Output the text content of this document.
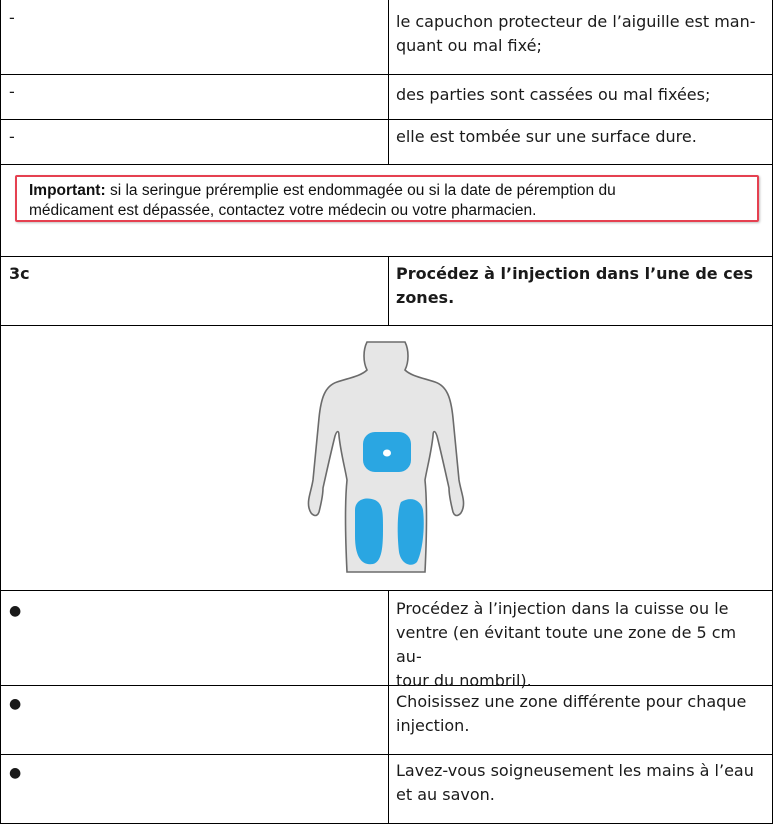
-	le capuchon protecteur de l’aiguille est man-
quant ou mal fixé;
-	des parties sont cassées ou mal fixées;
-	elle est tombée sur une surface dure.
Important: si la seringue préremplie est endommagée ou si la date de péremption du
médicament est dépassée, contactez votre médecin ou votre pharmacien.
3c	Procédez à l’injection dans l’une de ces
zones.
●	Procédez à l’injection dans la cuisse ou le
ventre (en évitant toute une zone de 5 cm au-
tour du nombril).
●	Choisissez une zone différente pour chaque
injection.
●	Lavez-vous soigneusement les mains à l’eau
et au savon.
